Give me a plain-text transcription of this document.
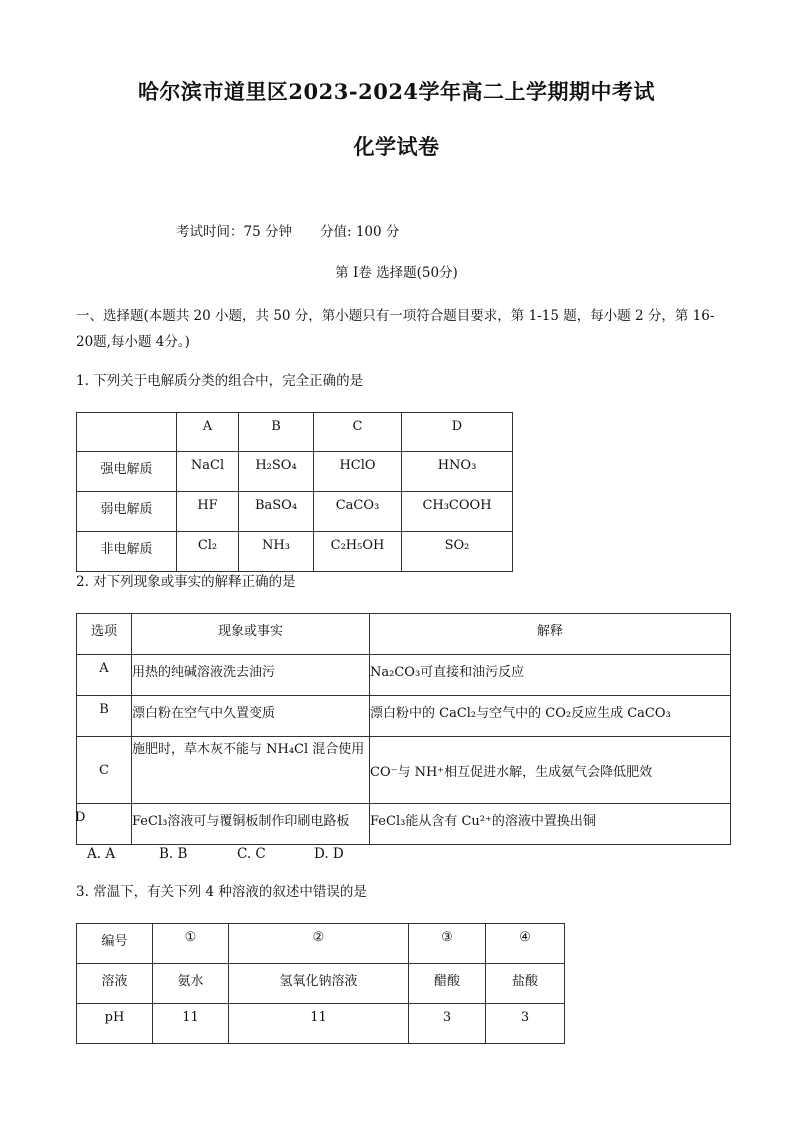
哈尔滨市道里区2023-2024学年高二上学期期中考试
化学试卷
考试时间：75 分钟 分值: 100 分
第 I卷 选择题(50分)
一、选择题(本题共 20 小题，共 50 分，第小题只有一项符合题目要求，第 1-15 题，每小题 2 分，第 16-20题,每小题 4分。)
1. 下列关于电解质分类的组合中，完全正确的是
	A	B	C	D
强电解质	NaCl	H₂SO₄	HClO	HNO₃
弱电解质	HF	BaSO₄	CaCO₃	CH₃COOH
非电解质	Cl₂	NH₃	C₂H₅OH	SO₂
2. 对下列现象或事实的解释正确的是
选项	现象或事实	解释
A	用热的纯碱溶液洗去油污	Na₂CO₃可直接和油污反应
B	漂白粉在空气中久置变质	漂白粉中的 CaCl₂与空气中的 CO₂反应生成 CaCO₃
C	施肥时，草木灰不能与 NH₄Cl 混合使用	CO⁻与 NH⁺相互促进水解，生成氨气会降低肥效
D	FeCl₃溶液可与覆铜板制作印刷电路板	FeCl₃能从含有 Cu²⁺的溶液中置换出铜
A. A	B. B	C. C	D. D
3. 常温下，有关下列 4 种溶液的叙述中错误的是
编号	①	②	③	④
溶液	氨水	氢氧化钠溶液	醋酸	盐酸
pH	11	11	3	3
